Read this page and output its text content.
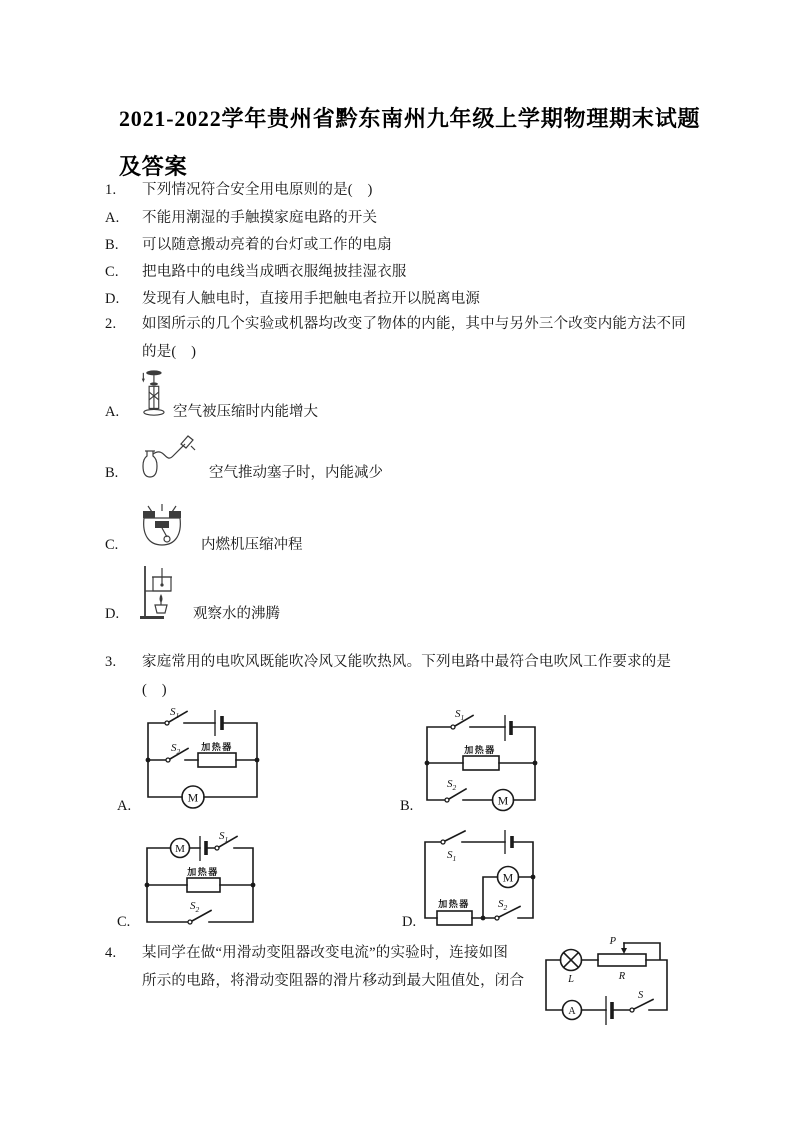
2021-2022学年贵州省黔东南州九年级上学期物理期末试题
及答案
1. 下列情况符合安全用电原则的是(　)
A. 不能用潮湿的手触摸家庭电路的开关
B. 可以随意搬动亮着的台灯或工作的电扇
C. 把电路中的电线当成晒衣服绳披挂湿衣服
D. 发现有人触电时，直接用手把触电者拉开以脱离电源
2. 如图所示的几个实验或机器均改变了物体的内能，其中与另外三个改变内能方法不同
的是(　)
A.	空气被压缩时内能增大
B.	空气推动塞子时，内能减少
C.	内燃机压缩冲程
D.	观察水的沸腾
3. 家庭常用的电吹风既能吹冷风又能吹热风。下列电路中最符合电吹风工作要求的是
(　)
$S_1$
$S_2$ 加热器
M
A.
$S_1$
加热器
$S_2$
M
B.
M
$S_1$
加热器
$S_2$
C.
$S_1$
M
加热器	$S_2$
D.
4. 某同学在做“用滑动变阻器改变电流”的实验时，连接如图
所示的电路，将滑动变阻器的滑片移动到最大阻值处，闭合	L
P
R
A
S
